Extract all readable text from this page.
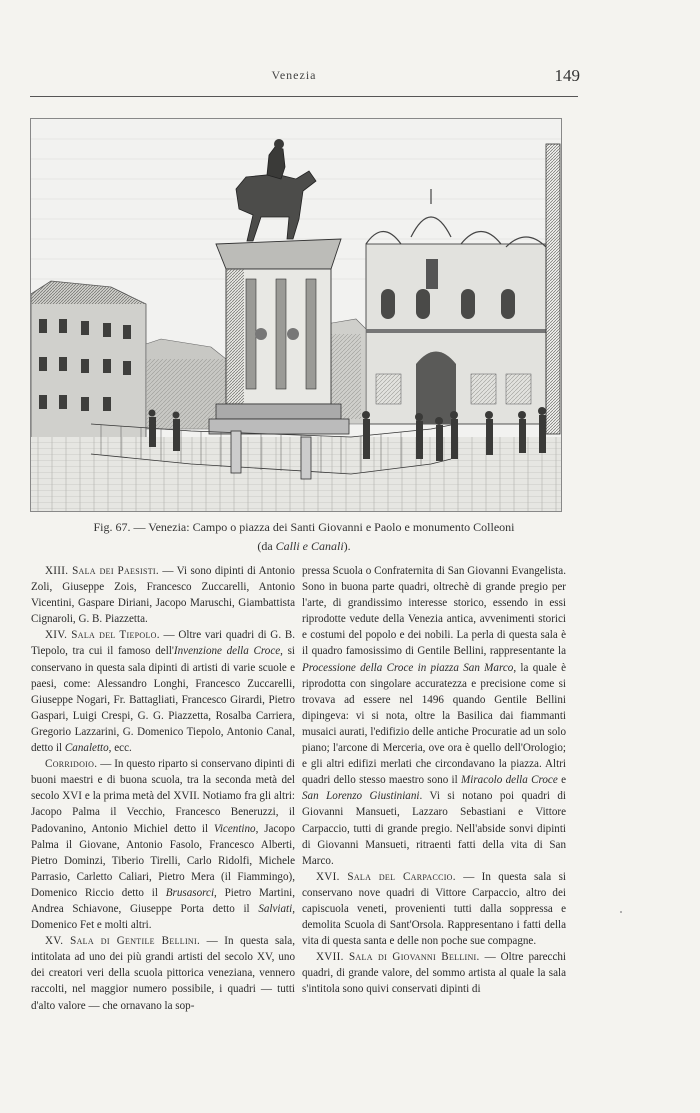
Venezia	149
Fig. 67. — Venezia: Campo o piazza dei Santi Giovanni e Paolo e monumento Colleoni
(da Calli e Canali).

XIII. Sala dei Paesisti. — Vi sono dipinti di Antonio Zoli, Giuseppe Zois, Francesco Zuccarelli, Antonio Vicentini, Gaspare Diriani, Jacopo Maruschi, Giambattista Cignaroli, G. B. Piazzetta.

XIV. Sala del Tiepolo. — Oltre vari quadri di G. B. Tiepolo, tra cui il famoso dell'Invenzione della Croce, si conservano in questa sala dipinti di artisti di varie scuole e paesi, come: Alessandro Longhi, Francesco Zuccarelli, Giuseppe Nogari, Fr. Battagliati, Francesco Girardi, Pietro Gaspari, Luigi Crespi, G. G. Piazzetta, Rosalba Carriera, Gregorio Lazzarini, G. Domenico Tiepolo, Antonio Canal, detto il Canaletto, ecc.

Corridoio. — In questo riparto si conservano dipinti di buoni maestri e di buona scuola, tra la seconda metà del secolo XVI e la prima metà del XVII. Notiamo fra gli altri: Jacopo Palma il Vecchio, Francesco Beneruzzi, il Padovanino, Antonio Michiel detto il Vicentino, Jacopo Palma il Giovane, Antonio Fasolo, Francesco Alberti, Pietro Dominzi, Tiberio Tirelli, Carlo Ridolfi, Michele Parrasio, Carletto Caliari, Pietro Mera (il Fiammingo), Domenico Riccio detto il Brusasorci, Pietro Martini, Andrea Schiavone, Giuseppe Porta detto il Salviati, Domenico Fet e molti altri.

XV. Sala di Gentile Bellini. — In questa sala, intitolata ad uno dei più grandi artisti del secolo XV, uno dei creatori veri della scuola pittorica veneziana, vennero raccolti, nel maggior numero possibile, i quadri — tutti d'alto valore — che ornavano la sop-

pressa Scuola o Confraternita di San Giovanni Evangelista. Sono in buona parte quadri, oltrechè di grande pregio per l'arte, di grandissimo interesse storico, essendo in essi riprodotte vedute della Venezia antica, avvenimenti storici e costumi del popolo e dei nobili. La perla di questa sala è il quadro famosissimo di Gentile Bellini, rappresentante la Processione della Croce in piazza San Marco, la quale è riprodotta con singolare accuratezza e precisione come si trovava ad essere nel 1496 quando Gentile Bellini dipingeva: vi si nota, oltre la Basilica dai fiammanti musaici aurati, l'edifizio delle antiche Procuratie ad un solo piano; l'arcone di Merceria, ove ora è quello dell'Orologio; e gli altri edifizi merlati che circondavano la piazza. Altri quadri dello stesso maestro sono il Miracolo della Croce e San Lorenzo Giustiniani. Vi si notano poi quadri di Giovanni Mansueti, Lazzaro Sebastiani e Vittore Carpaccio, tutti di grande pregio. Nell'abside sonvi dipinti di Giovanni Mansueti, ritraenti fatti della vita di San Marco.

XVI. Sala del Carpaccio. — In questa sala si conservano nove quadri di Vittore Carpaccio, altro dei capiscuola veneti, provenienti tutti dalla soppressa e demolita Scuola di Sant'Orsola. Rappresentano i fatti della vita di questa santa e delle non poche sue compagne.

XVII. Sala di Giovanni Bellini. — Oltre parecchi quadri, di grande valore, del sommo artista al quale la sala s'intitola sono quivi conservati dipinti di
